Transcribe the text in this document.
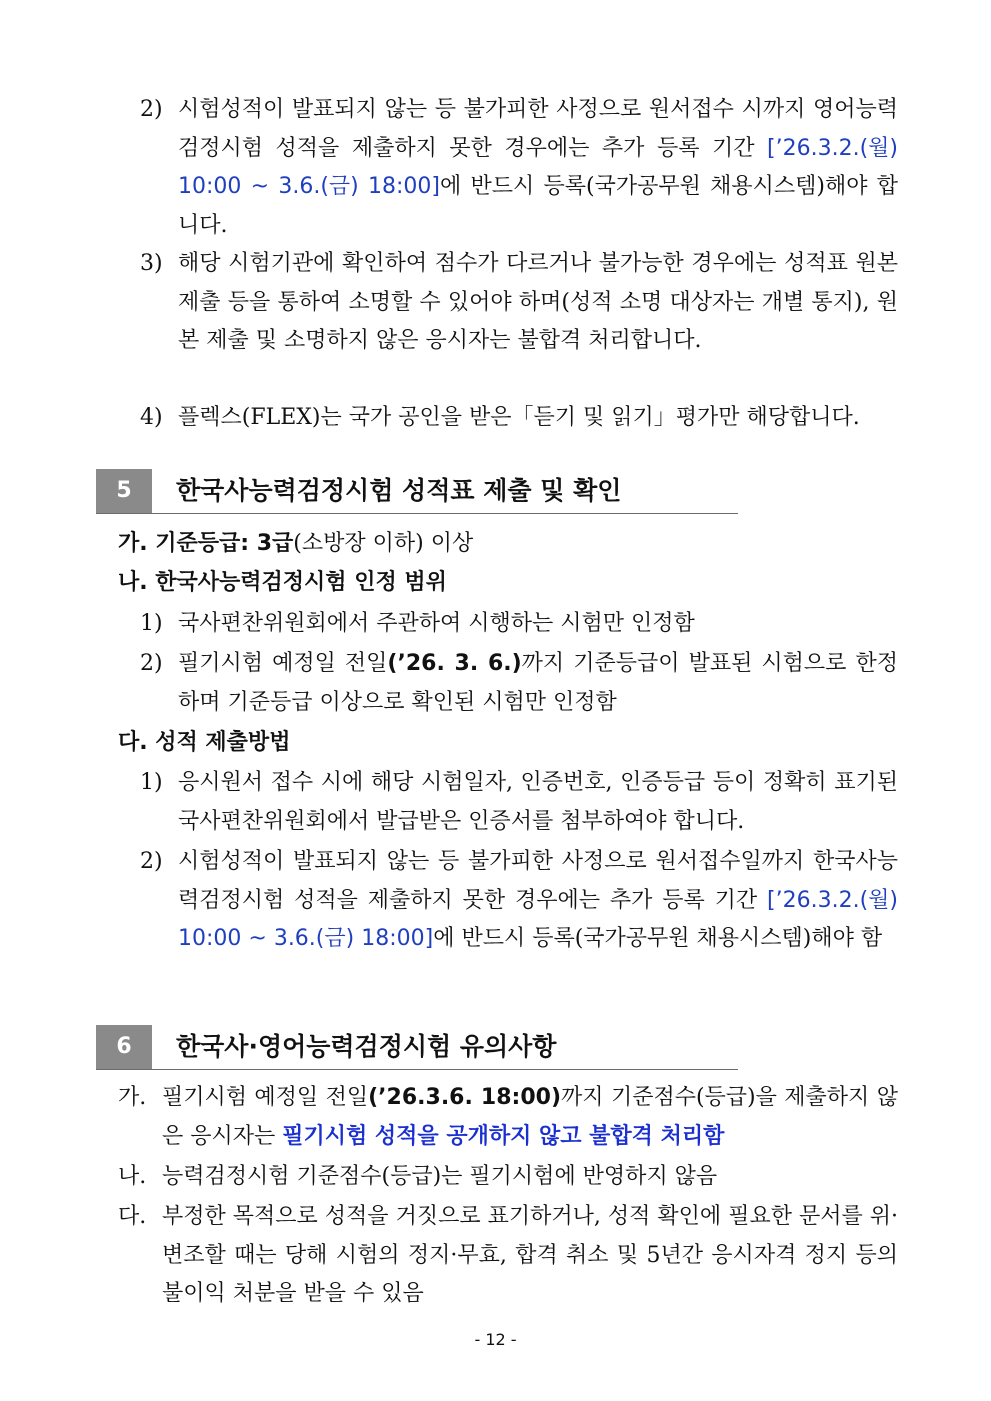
2) 시험성적이 발표되지 않는 등 불가피한 사정으로 원서접수 시까지 영어능력검정시험 성적을 제출하지 못한 경우에는 추가 등록 기간 [’26.3.2.(월) 10:00 ~ 3.6.(금) 18:00]에 반드시 등록(국가공무원 채용시스템)해야 합니다.
3) 해당 시험기관에 확인하여 점수가 다르거나 불가능한 경우에는 성적표 원본 제출 등을 통하여 소명할 수 있어야 하며(성적 소명 대상자는 개별 통지), 원본 제출 및 소명하지 않은 응시자는 불합격 처리합니다.
4) 플렉스(FLEX)는 국가 공인을 받은「듣기 및 읽기」평가만 해당합니다.
5	한국사능력검정시험 성적표 제출 및 확인
가. 기준등급: 3급(소방장 이하) 이상
나. 한국사능력검정시험 인정 범위
1) 국사편찬위원회에서 주관하여 시행하는 시험만 인정함
2) 필기시험 예정일 전일(’26. 3. 6.)까지 기준등급이 발표된 시험으로 한정하며 기준등급 이상으로 확인된 시험만 인정함
다. 성적 제출방법
1) 응시원서 접수 시에 해당 시험일자, 인증번호, 인증등급 등이 정확히 표기된 국사편찬위원회에서 발급받은 인증서를 첨부하여야 합니다.
2) 시험성적이 발표되지 않는 등 불가피한 사정으로 원서접수일까지 한국사능력검정시험 성적을 제출하지 못한 경우에는 추가 등록 기간 [’26.3.2.(월) 10:00 ~ 3.6.(금) 18:00]에 반드시 등록(국가공무원 채용시스템)해야 함
6	한국사·영어능력검정시험 유의사항
가. 필기시험 예정일 전일(’26.3.6. 18:00)까지 기준점수(등급)을 제출하지 않은 응시자는 필기시험 성적을 공개하지 않고 불합격 처리함
나. 능력검정시험 기준점수(등급)는 필기시험에 반영하지 않음
다. 부정한 목적으로 성적을 거짓으로 표기하거나, 성적 확인에 필요한 문서를 위·변조할 때는 당해 시험의 정지·무효, 합격 취소 및 5년간 응시자격 정지 등의 불이익 처분을 받을 수 있음
- 12 -
